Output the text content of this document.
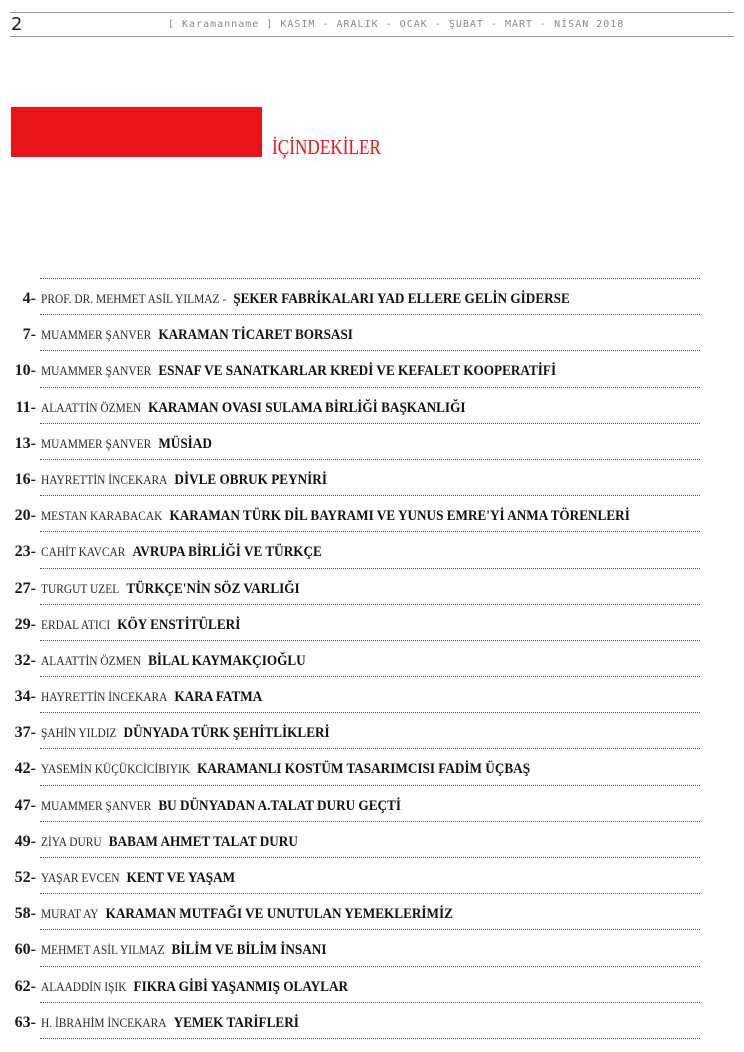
2	[ Karamanname ] KASIM - ARALIK - OCAK - ŞUBAT - MART - NİSAN 2018
İÇİNDEKİLER
4- PROF. DR. MEHMET ASİL YILMAZ - ŞEKER FABRİKALARI YAD ELLERE GELİN GİDERSE
7- MUAMMER ŞANVER KARAMAN TİCARET BORSASI
10- MUAMMER ŞANVER ESNAF VE SANATKARLAR KREDİ VE KEFALET KOOPERATİFİ
11- ALAATTİN ÖZMEN KARAMAN OVASI SULAMA BİRLİĞİ BAŞKANLIĞI
13- MUAMMER ŞANVER MÜSİAD
16- HAYRETTİN İNCEKARA DİVLE OBRUK PEYNİRİ
20- MESTAN KARABACAK KARAMAN TÜRK DİL BAYRAMI VE YUNUS EMRE'Yİ ANMA TÖRENLERİ
23- CAHİT KAVCAR AVRUPA BİRLİĞİ VE TÜRKÇE
27- TURGUT UZEL TÜRKÇE'NİN SÖZ VARLIĞI
29- ERDAL ATICI KÖY ENSTİTÜLERİ
32- ALAATTİN ÖZMEN BİLAL KAYMAKÇIOĞLU
34- HAYRETTİN İNCEKARA KARA FATMA
37- ŞAHİN YILDIZ DÜNYADA TÜRK ŞEHİTLİKLERİ
42- YASEMİN KÜÇÜKCİCİBIYIK KARAMANLI KOSTÜM TASARIMCISI FADİM ÜÇBAŞ
47- MUAMMER ŞANVER BU DÜNYADAN A.TALAT DURU GEÇTİ
49- ZİYA DURU BABAM AHMET TALAT DURU
52- YAŞAR EVCEN KENT VE YAŞAM
58- MURAT AY KARAMAN MUTFAĞI VE UNUTULAN YEMEKLERİMİZ
60- MEHMET ASİL YILMAZ BİLİM VE BİLİM İNSANI
62- ALAADDİN IŞIK FIKRA GİBİ YAŞANMIŞ OLAYLAR
63- H. İBRAHİM İNCEKARA YEMEK TARİFLERİ
